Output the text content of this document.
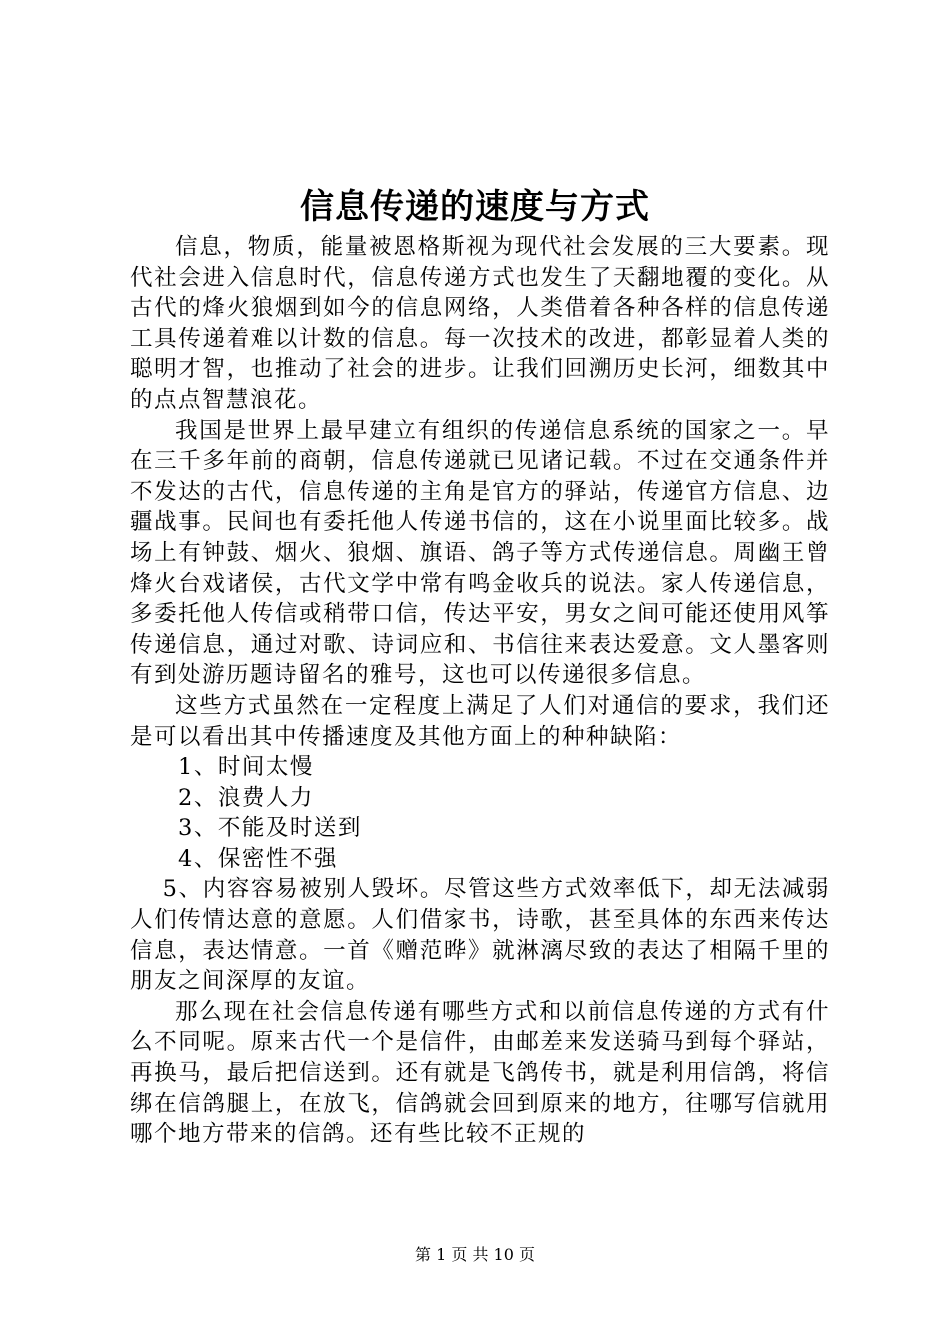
信息传递的速度与方式

信息，物质，能量被恩格斯视为现代社会发展的三大要素。现代社会进入信息时代，信息传递方式也发生了天翻地覆的变化。从古代的烽火狼烟到如今的信息网络，人类借着各种各样的信息传递工具传递着难以计数的信息。每一次技术的改进，都彰显着人类的聪明才智，也推动了社会的进步。让我们回溯历史长河，细数其中的点点智慧浪花。

我国是世界上最早建立有组织的传递信息系统的国家之一。早在三千多年前的商朝，信息传递就已见诸记载。不过在交通条件并不发达的古代，信息传递的主角是官方的驿站，传递官方信息、边疆战事。民间也有委托他人传递书信的，这在小说里面比较多。战场上有钟鼓、烟火、狼烟、旗语、鸽子等方式传递信息。周幽王曾烽火台戏诸侯，古代文学中常有鸣金收兵的说法。家人传递信息，多委托他人传信或稍带口信，传达平安，男女之间可能还使用风筝传递信息，通过对歌、诗词应和、书信往来表达爱意。文人墨客则有到处游历题诗留名的雅号，这也可以传递很多信息。

这些方式虽然在一定程度上满足了人们对通信的要求，我们还是可以看出其中传播速度及其他方面上的种种缺陷：

1、时间太慢

2、浪费人力

3、不能及时送到

4、保密性不强

5、内容容易被别人毁坏。尽管这些方式效率低下，却无法减弱人们传情达意的意愿。人们借家书，诗歌，甚至具体的东西来传达信息，表达情意。一首《赠范晔》就淋漓尽致的表达了相隔千里的朋友之间深厚的友谊。

那么现在社会信息传递有哪些方式和以前信息传递的方式有什么不同呢。原来古代一个是信件，由邮差来发送骑马到每个驿站，再换马，最后把信送到。还有就是飞鸽传书，就是利用信鸽，将信绑在信鸽腿上，在放飞，信鸽就会回到原来的地方，往哪写信就用哪个地方带来的信鸽。还有些比较不正规的

第 1 页 共 10 页
